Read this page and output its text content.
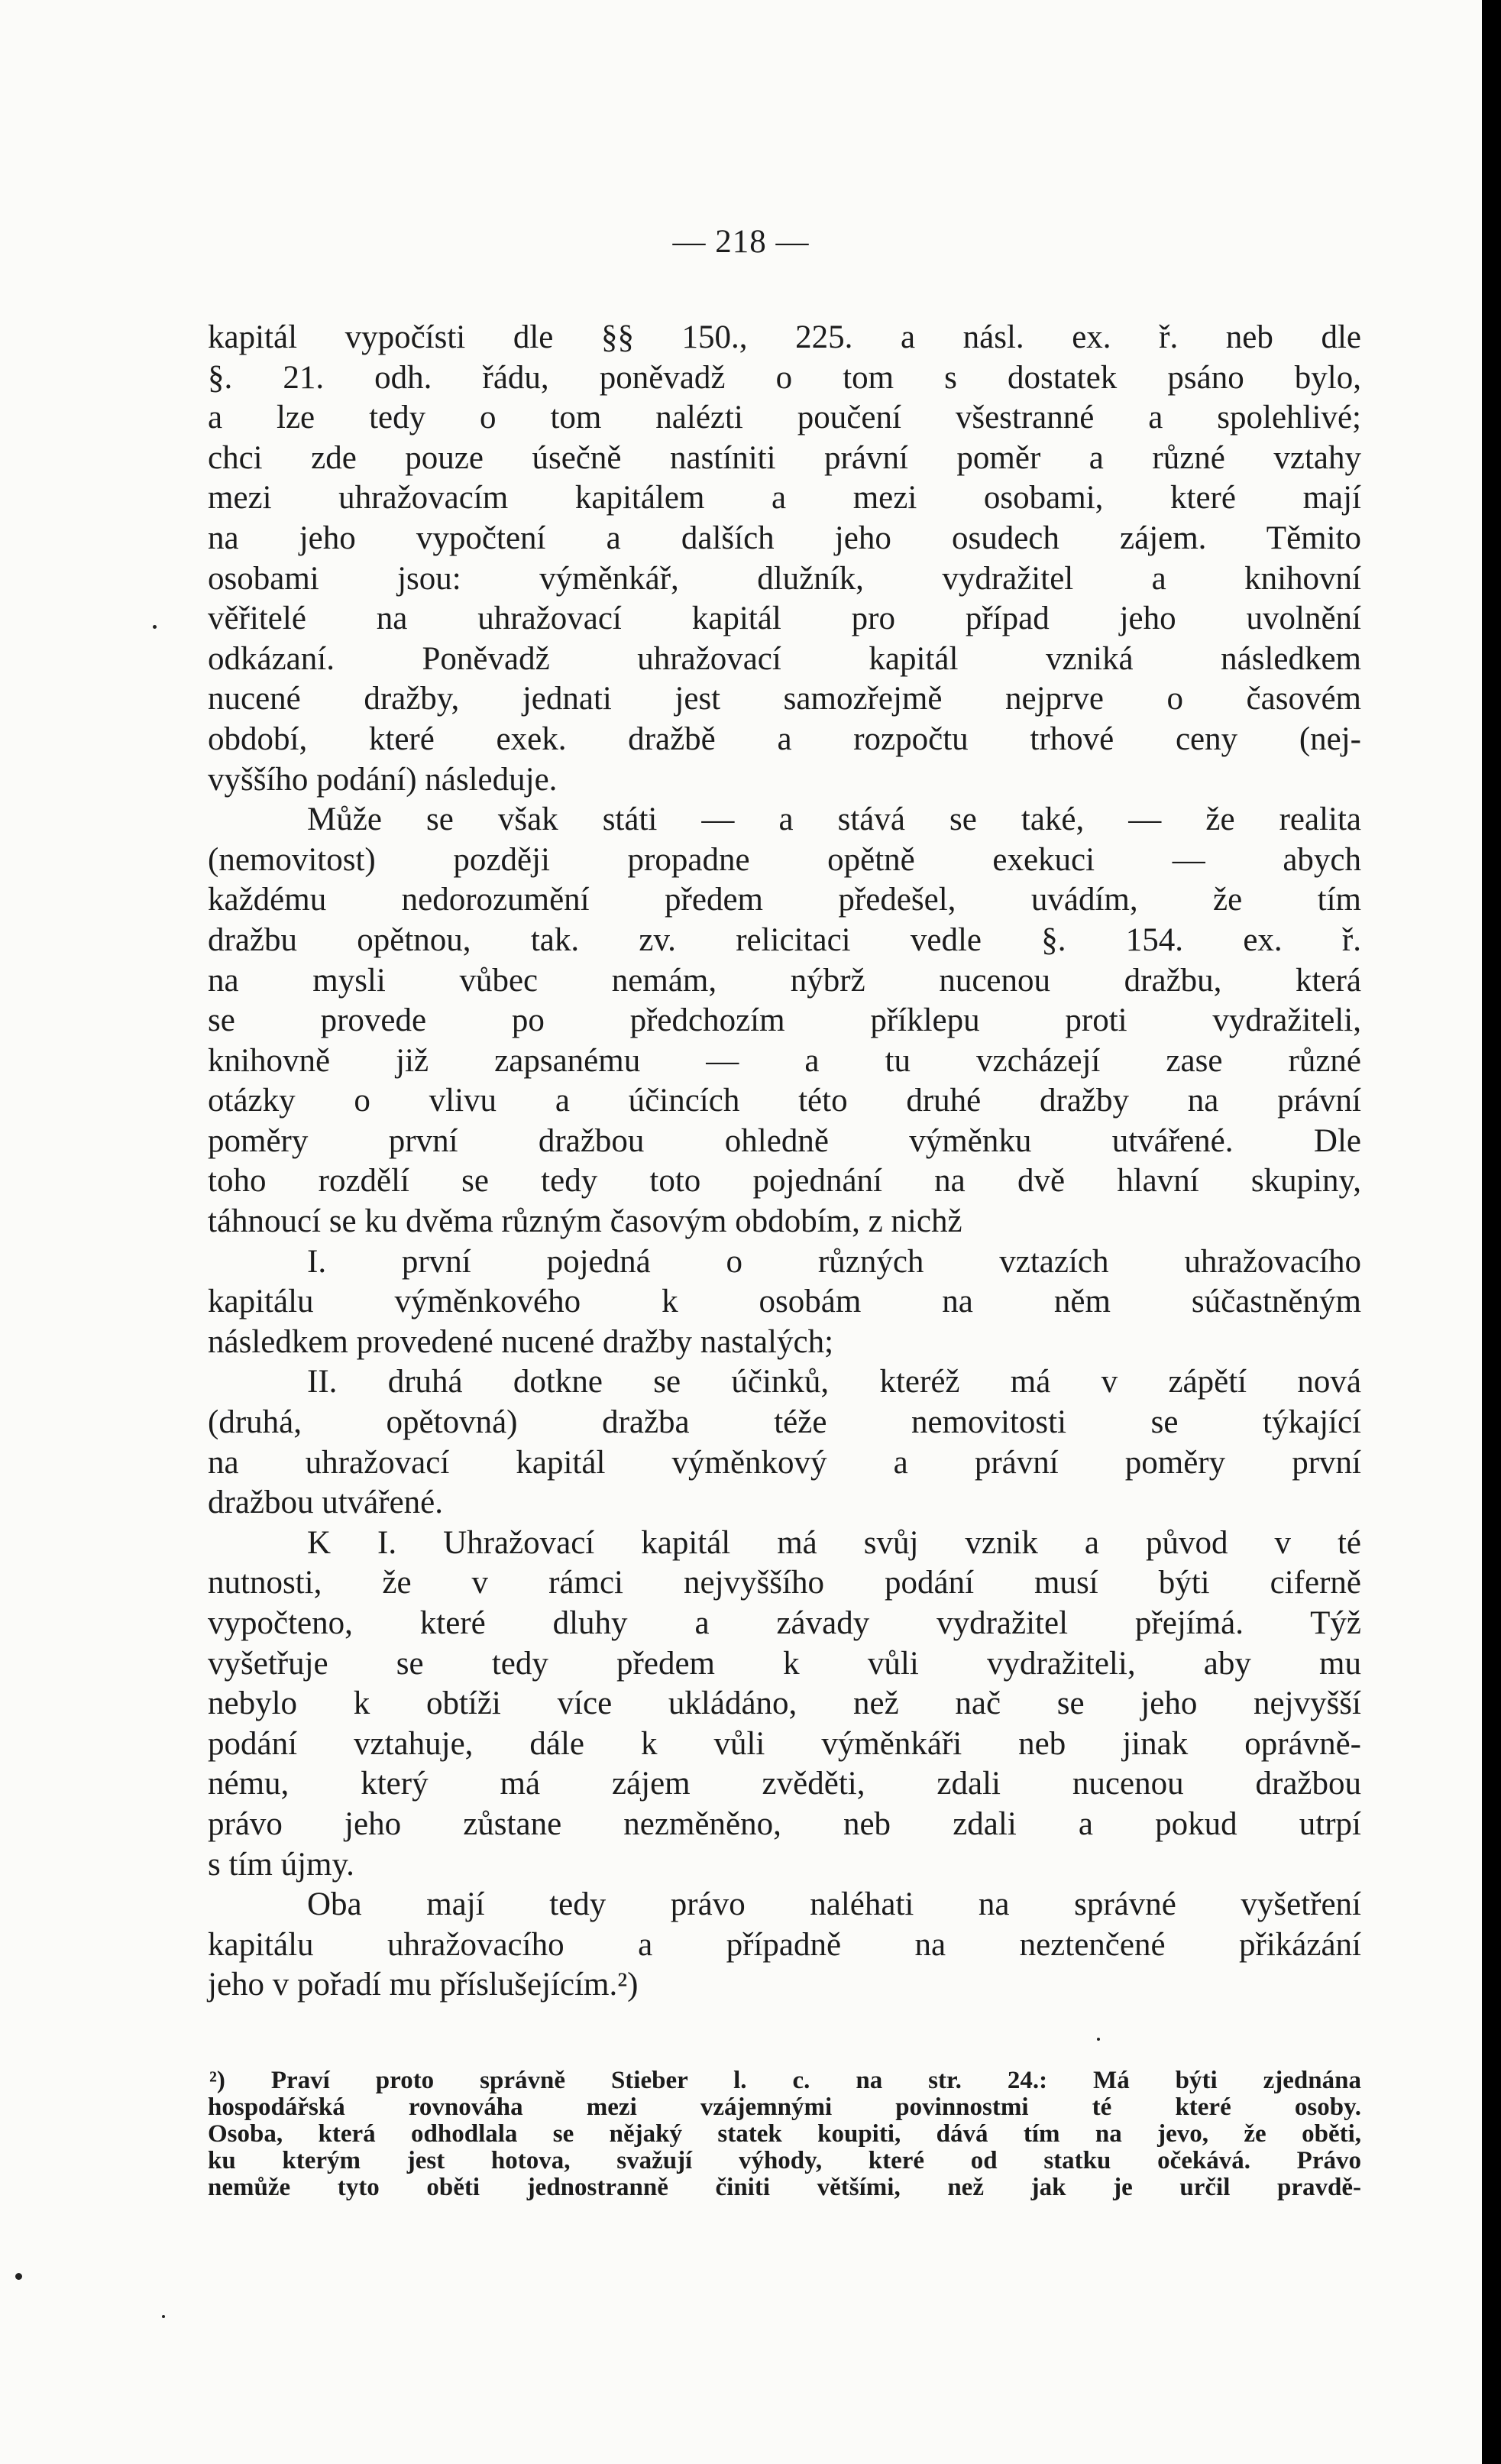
— 218 —
kapitál vypočísti dle §§ 150., 225. a násl. ex. ř. neb dle
§. 21. odh. řádu, poněvadž o tom s dostatek psáno bylo,
a lze tedy o tom nalézti poučení všestranné a spolehlivé;
chci zde pouze úsečně nastíniti právní poměr a různé vztahy
mezi uhražovacím kapitálem a mezi osobami, které mají
na jeho vypočtení a dalších jeho osudech zájem. Těmito
osobami jsou: výměnkář, dlužník, vydražitel a knihovní
věřitelé na uhražovací kapitál pro případ jeho uvolnění
odkázaní. Poněvadž uhražovací kapitál vzniká následkem
nucené dražby, jednati jest samozřejmě nejprve o časovém
období, které exek. dražbě a rozpočtu trhové ceny (nej-
vyššího podání) následuje.
Může se však státi — a stává se také, — že realita
(nemovitost) později propadne opětně exekuci — abych
každému nedorozumění předem předešel, uvádím, že tím
dražbu opětnou, tak. zv. relicitaci vedle §. 154. ex. ř.
na mysli vůbec nemám, nýbrž nucenou dražbu, která
se provede po předchozím příklepu proti vydražiteli,
knihovně již zapsanému — a tu vzcházejí zase různé
otázky o vlivu a účincích této druhé dražby na právní
poměry první dražbou ohledně výměnku utvářené. Dle
toho rozdělí se tedy toto pojednání na dvě hlavní skupiny,
táhnoucí se ku dvěma různým časovým obdobím, z nichž
I. první pojedná o různých vztazích uhražovacího
kapitálu výměnkového k osobám na něm súčastněným
následkem provedené nucené dražby nastalých;
II. druhá dotkne se účinků, kteréž má v zápětí nová
(druhá, opětovná) dražba téže nemovitosti se týkající
na uhražovací kapitál výměnkový a právní poměry první
dražbou utvářené.
K I. Uhražovací kapitál má svůj vznik a původ v té
nutnosti, že v rámci nejvyššího podání musí býti ciferně
vypočteno, které dluhy a závady vydražitel přejímá. Týž
vyšetřuje se tedy předem k vůli vydražiteli, aby mu
nebylo k obtíži více ukládáno, než nač se jeho nejvyšší
podání vztahuje, dále k vůli výměnkáři neb jinak oprávně-
nému, který má zájem zvěděti, zdali nucenou dražbou
právo jeho zůstane nezměněno, neb zdali a pokud utrpí
s tím újmy.
Oba mají tedy právo naléhati na správné vyšetření
kapitálu uhražovacího a případně na neztenčené přikázání
jeho v pořadí mu příslušejícím.²)
²) Praví proto správně Stieber l. c. na str. 24.: Má býti zjednána
hospodářská rovnováha mezi vzájemnými povinnostmi té které osoby.
Osoba, která odhodlala se nějaký statek koupiti, dává tím na jevo, že oběti,
ku kterým jest hotova, svažují výhody, které od statku očekává. Právo
nemůže tyto oběti jednostranně činiti většími, než jak je určil pravdě-
